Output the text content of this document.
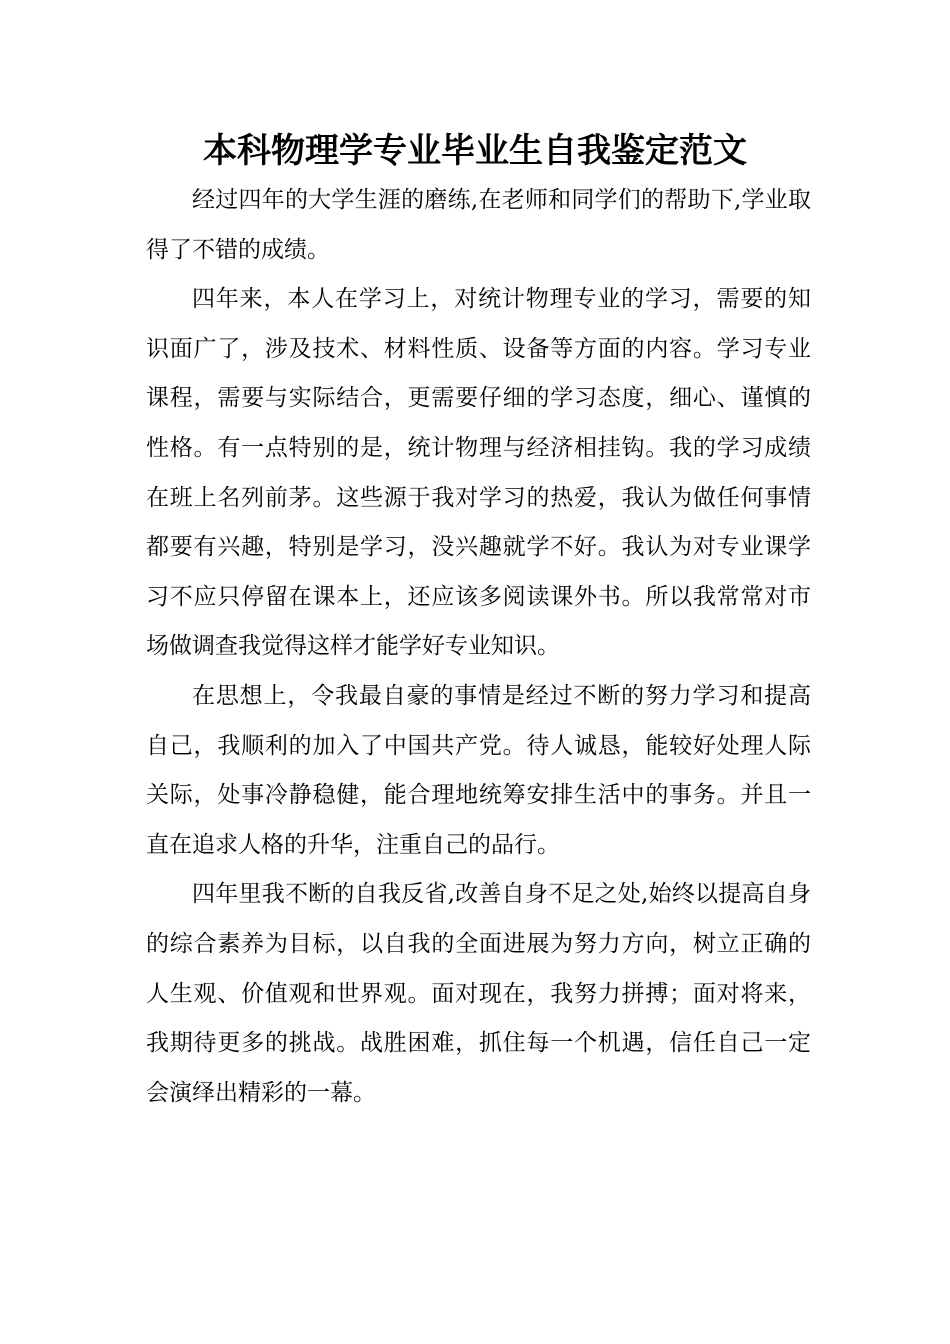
本科物理学专业毕业生自我鉴定范文

经过四年的大学生涯的磨练,在老师和同学们的帮助下,学业取得了不错的成绩。

四年来，本人在学习上，对统计物理专业的学习，需要的知识面广了，涉及技术、材料性质、设备等方面的内容。学习专业课程，需要与实际结合，更需要仔细的学习态度，细心、谨慎的性格。有一点特别的是，统计物理与经济相挂钩。我的学习成绩在班上名列前茅。这些源于我对学习的热爱，我认为做任何事情都要有兴趣，特别是学习，没兴趣就学不好。我认为对专业课学习不应只停留在课本上，还应该多阅读课外书。所以我常常对市场做调查我觉得这样才能学好专业知识。

在思想上，令我最自豪的事情是经过不断的努力学习和提高自己，我顺利的加入了中国共产党。待人诚恳，能较好处理人际关际，处事冷静稳健，能合理地统筹安排生活中的事务。并且一直在追求人格的升华，注重自己的品行。

四年里我不断的自我反省,改善自身不足之处,始终以提高自身的综合素养为目标，以自我的全面进展为努力方向，树立正确的人生观、价值观和世界观。面对现在，我努力拼搏；面对将来，我期待更多的挑战。战胜困难，抓住每一个机遇，信任自己一定会演绎出精彩的一幕。
